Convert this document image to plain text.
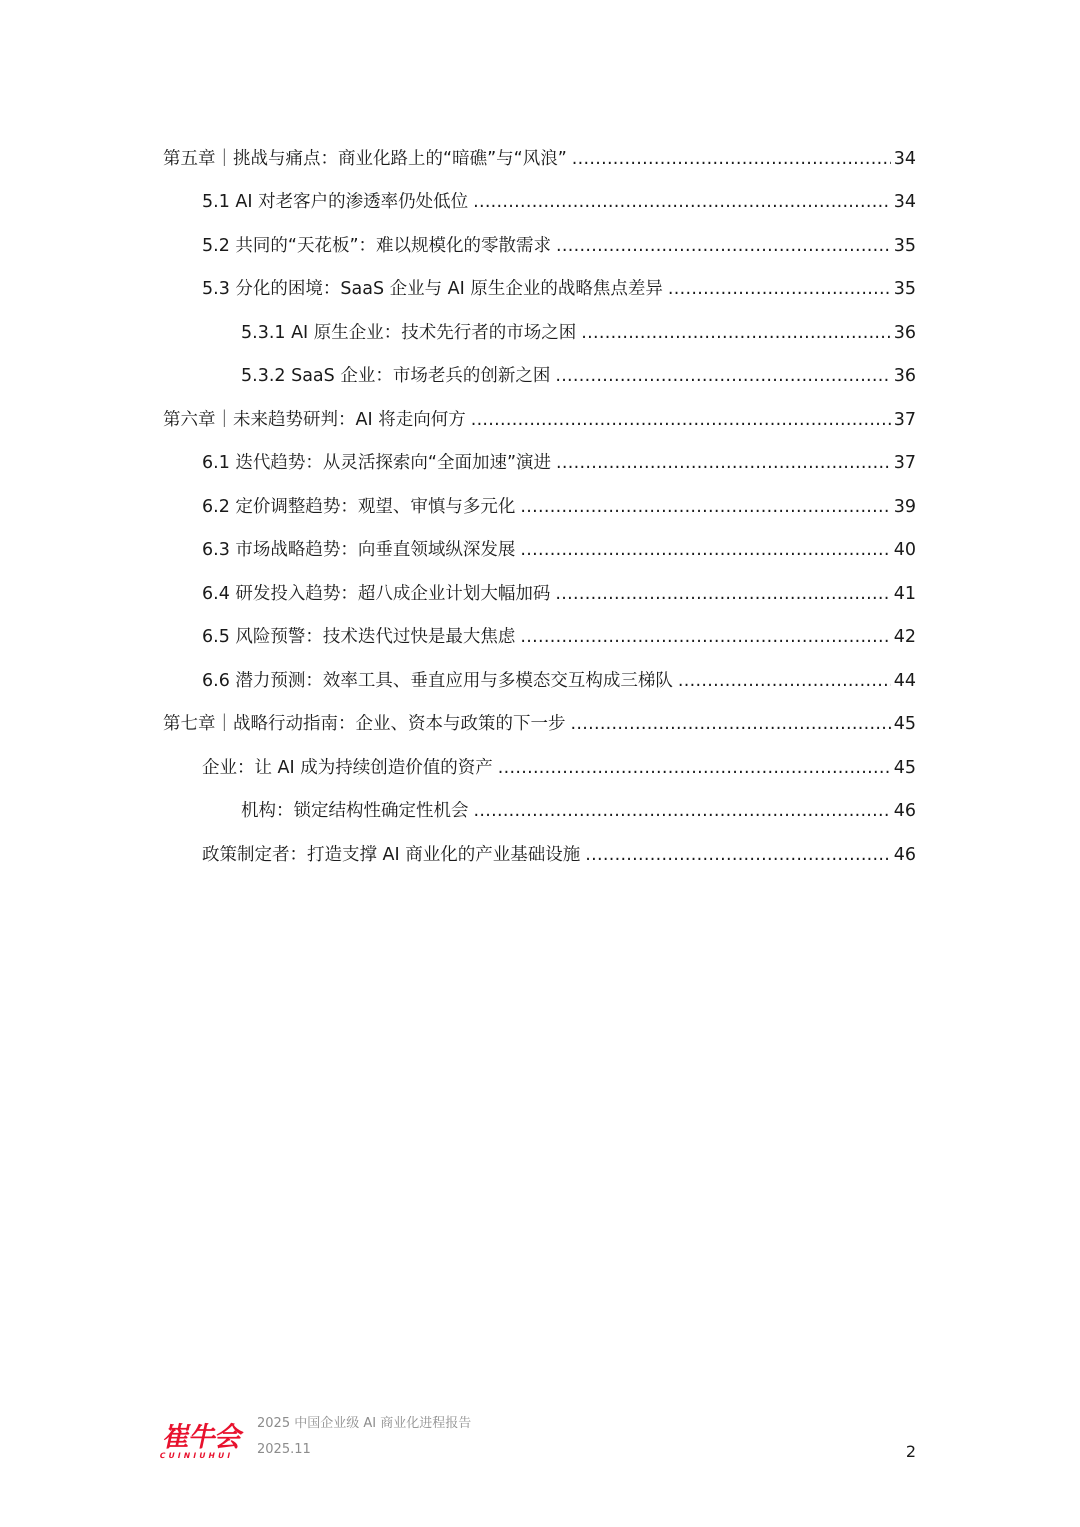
第五章｜挑战与痛点：商业化路上的“暗礁”与“风浪” .....	34
5.1 AI 对老客户的渗透率仍处低位 .....	34
5.2 共同的“天花板”：难以规模化的零散需求 .....	35
5.3 分化的困境：SaaS 企业与 AI 原生企业的战略焦点差异 .....	35
5.3.1 AI 原生企业：技术先行者的市场之困 .....	36
5.3.2 SaaS 企业：市场老兵的创新之困 .....	36
第六章｜未来趋势研判：AI 将走向何方 .....	37
6.1 迭代趋势：从灵活探索向“全面加速”演进 .....	37
6.2 定价调整趋势：观望、审慎与多元化 .....	39
6.3 市场战略趋势：向垂直领域纵深发展 .....	40
6.4 研发投入趋势：超八成企业计划大幅加码 .....	41
6.5 风险预警：技术迭代过快是最大焦虑 .....	42
6.6 潜力预测：效率工具、垂直应用与多模态交互构成三梯队 .....	44
第七章｜战略行动指南：企业、资本与政策的下一步 .....	45
企业：让 AI 成为持续创造价值的资产 .....	45
机构：锁定结构性确定性机会 .....	46
政策制定者：打造支撑 AI 商业化的产业基础设施 .....	46
崔牛会
CUINIUHUI
2025 中国企业级 AI 商业化进程报告
2025.11	2
